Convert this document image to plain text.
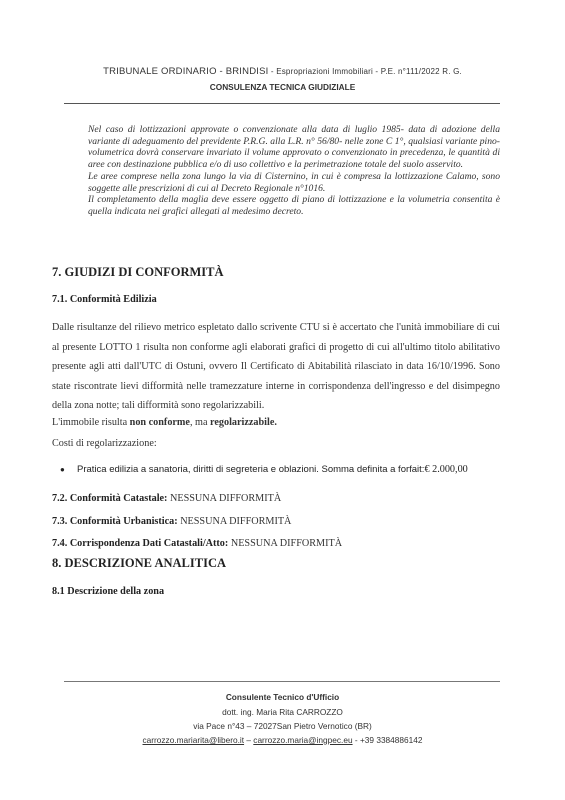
TRIBUNALE ORDINARIO - BRINDISI - Espropriazioni Immobiliari - P.E. n°111/2022 R. G.
CONSULENZA TECNICA GIUDIZIALE

Nel caso di lottizzazioni approvate o convenzionate alla data di luglio 1985- data di adozione della variante di adeguamento del previdente P.R.G. alla L.R. n° 56/80- nelle zone C 1°, qualsiasi variante pino-volumetrica dovrà conservare invariato il volume approvato o convenzionato in precedenza, le quantità di aree con destinazione pubblica e/o di uso collettivo e la perimetrazione totale del suolo asservito.

Le aree comprese nella zona lungo la via di Cisternino, in cui è compresa la lottizzazione Calamo, sono soggette alle prescrizioni di cui al Decreto Regionale n°1016.

Il completamento della maglia deve essere oggetto di piano di lottizzazione e la volumetria consentita è quella indicata nei grafici allegati al medesimo decreto.

7. GIUDIZI DI CONFORMITÀ
7.1. Conformità Edilizia

Dalle risultanze del rilievo metrico espletato dallo scrivente CTU si è accertato che l'unità immobiliare di cui al presente LOTTO 1 risulta non conforme agli elaborati grafici di progetto di cui all'ultimo titolo abilitativo presente agli atti dall'UTC di Ostuni, ovvero Il Certificato di Abitabilità rilasciato in data 16/10/1996. Sono state riscontrate lievi difformità nelle tramezzature interne in corrispondenza dell'ingresso e del disimpegno della zona notte; tali difformità sono regolarizzabili.

L'immobile risulta non conforme, ma regolarizzabile.
Costi di regolarizzazione:
● Pratica edilizia a sanatoria, diritti di segreteria e oblazioni. Somma definita a forfait:€ 2.000,00
7.2. Conformità Catastale: NESSUNA DIFFORMITÀ
7.3. Conformità Urbanistica: NESSUNA DIFFORMITÀ
7.4. Corrispondenza Dati Catastali/Atto: NESSUNA DIFFORMITÀ
8. DESCRIZIONE ANALITICA
8.1 Descrizione della zona
Consulente Tecnico d'Ufficio
dott. ing. Maria Rita CARROZZO
via Pace n°43 – 72027San Pietro Vernotico (BR)
carrozzo.mariarita@libero.it – carrozzo.maria@ingpec.eu - +39 3384886142
